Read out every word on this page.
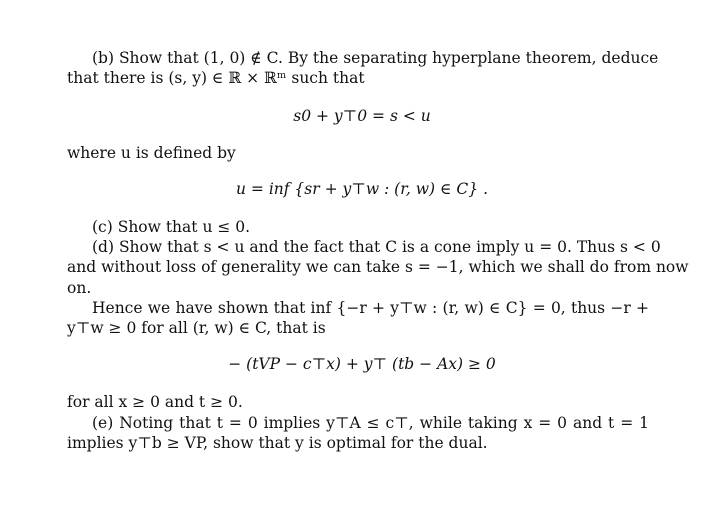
(b) Show that (1, 0) ∉ C. By the separating hyperplane theorem, deduce
that there is (s, y) ∈ ℝ × ℝᵐ such that
s0 + y⊤0 = s < u
where u is defined by
u = inf {sr + y⊤w : (r, w) ∈ C} .
(c) Show that u ≤ 0.
(d) Show that s < u and the fact that C is a cone imply u = 0. Thus s < 0
and without loss of generality we can take s = −1, which we shall do from now
on.
Hence we have shown that inf {−r + y⊤w : (r, w) ∈ C} = 0, thus −r +
y⊤w ≥ 0 for all (r, w) ∈ C, that is
− (tVP − c⊤x) + y⊤ (tb − Ax) ≥ 0
for all x ≥ 0 and t ≥ 0.
(e) Noting that t = 0 implies y⊤A ≤ c⊤, while taking x = 0 and t = 1
implies y⊤b ≥ VP, show that y is optimal for the dual.
